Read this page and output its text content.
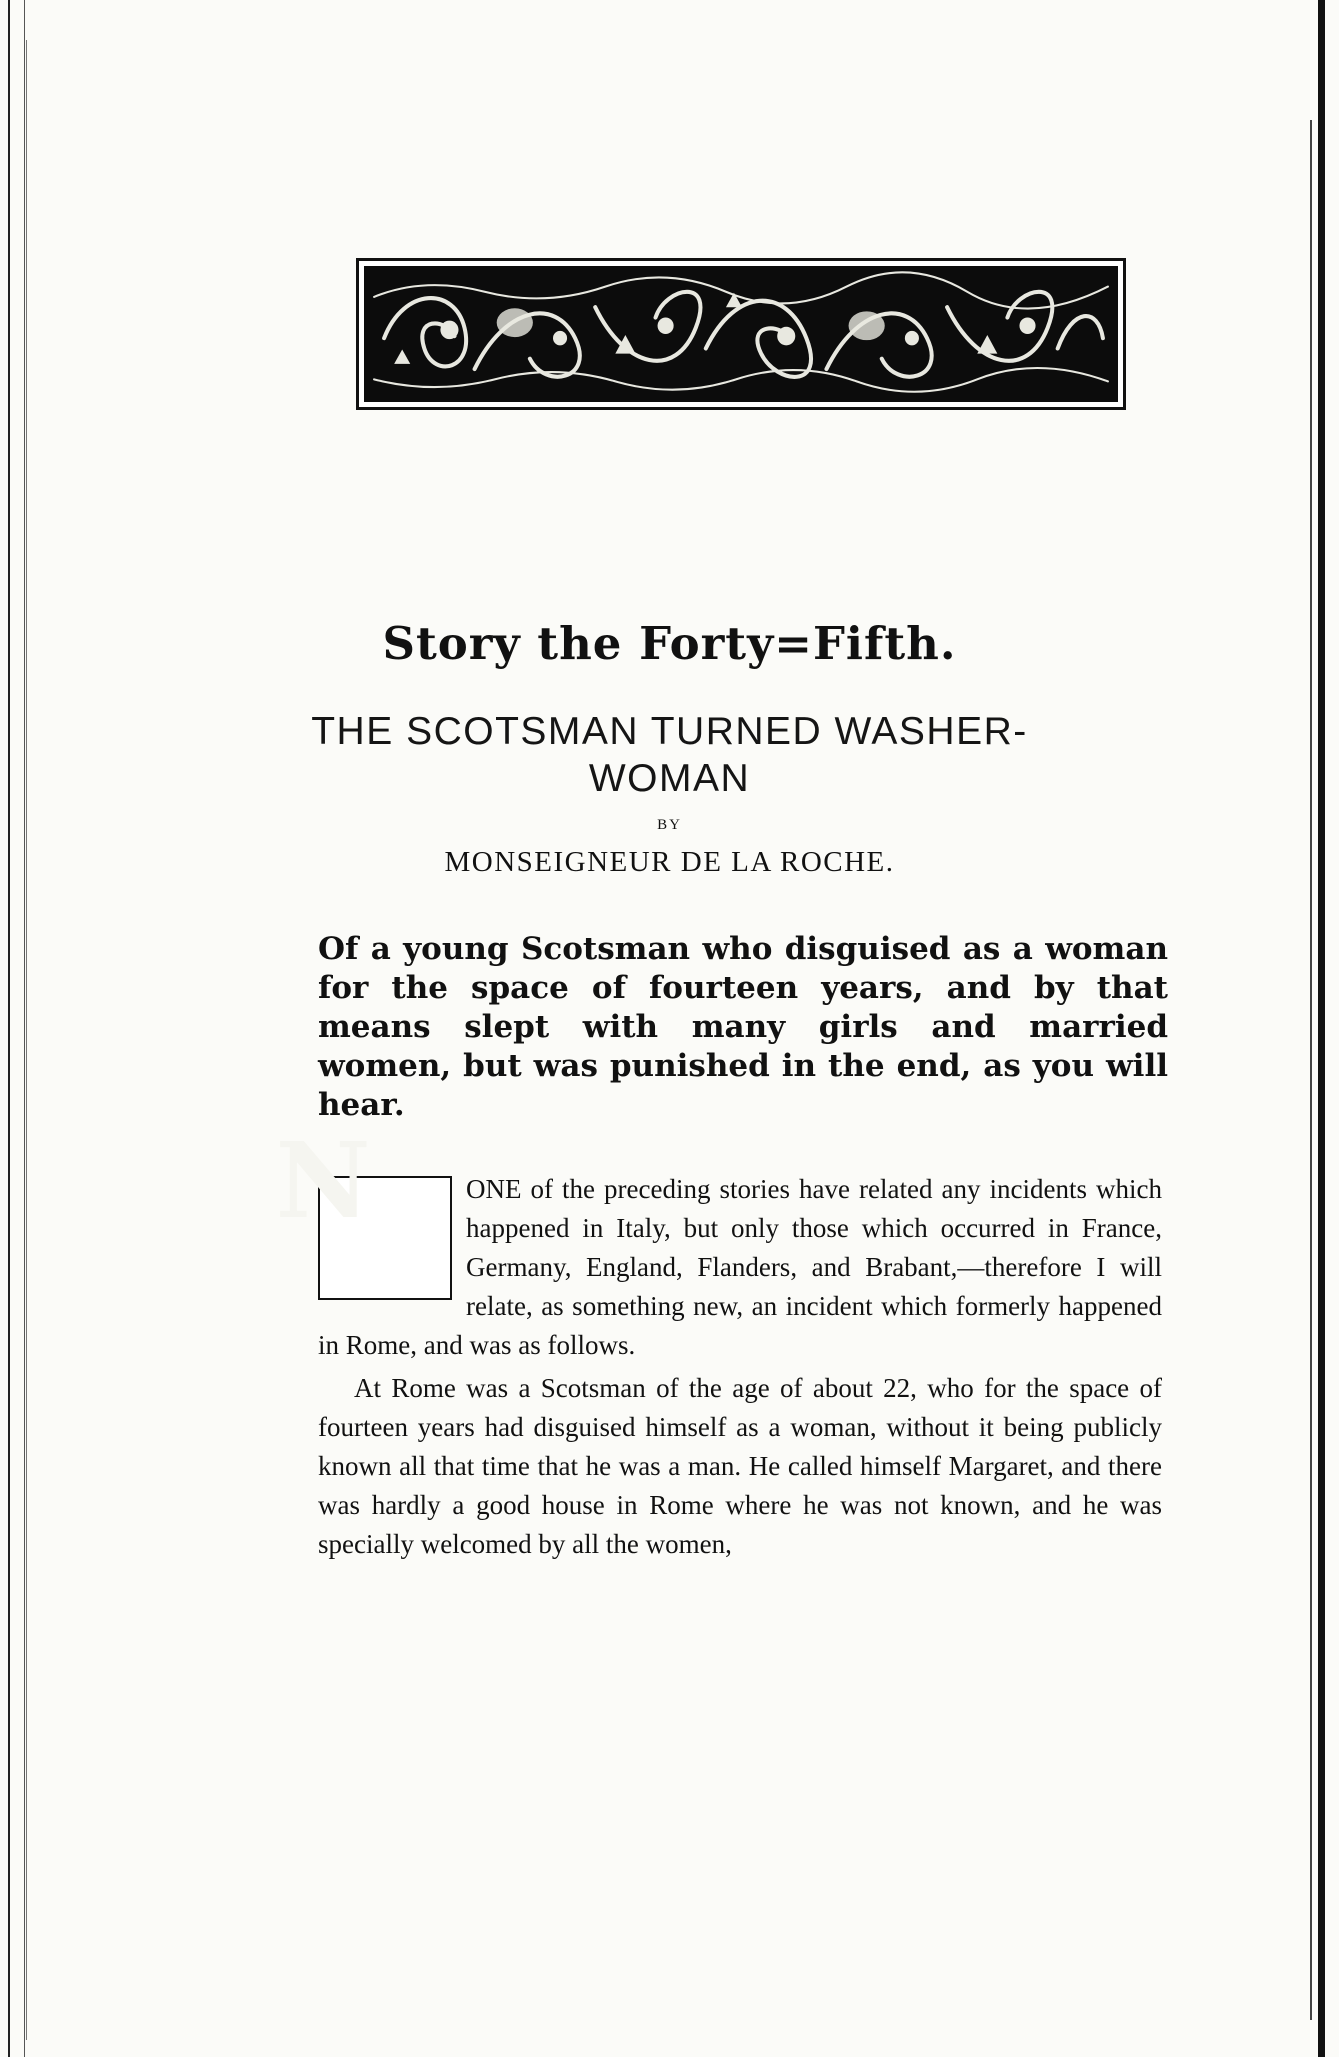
Story the Forty=Fifth.
THE SCOTSMAN TURNED WASHER-
WOMAN
BY
MONSEIGNEUR DE LA ROCHE.
Of a young Scotsman who disguised as a woman for the space of fourteen years, and by that means slept with many girls and married women, but was punished in the end, as you will hear.

ONE of the preceding stories have related any incidents which happened in Italy, but only those which occurred in France, Germany, England, Flanders, and Brabant,—therefore I will relate, as something new, an incident which formerly happened in Rome, and was as follows.

At Rome was a Scotsman of the age of about 22, who for the space of fourteen years had disguised himself as a woman, without it being publicly known all that time that he was a man. He called himself Margaret, and there was hardly a good house in Rome where he was not known, and he was specially welcomed by all the women,
